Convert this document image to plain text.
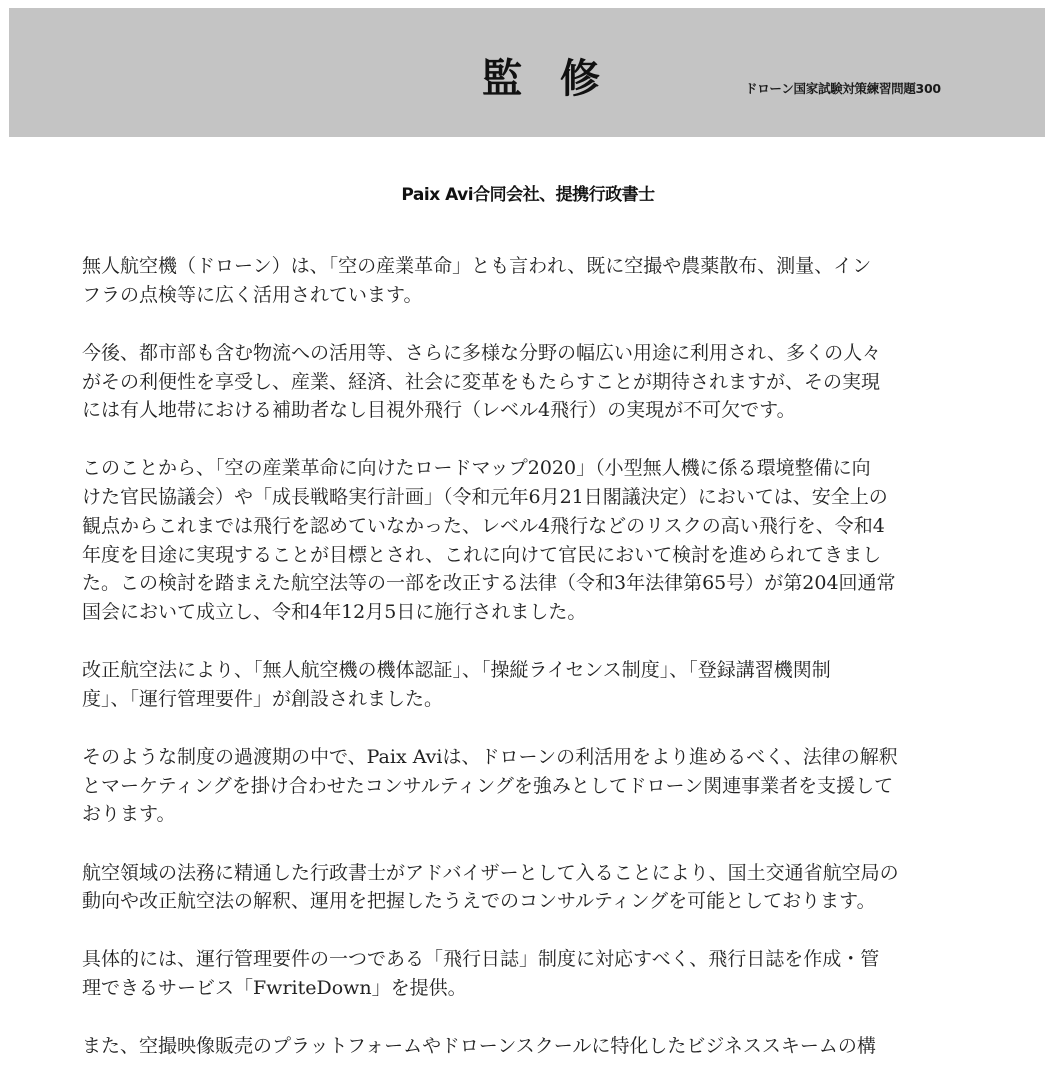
監 修	ドローン国家試験対策練習問題300
Paix Avi合同会社、提携行政書士
無人航空機（ドローン）は、「空の産業革命」とも言われ、既に空撮や農薬散布、測量、イン
フラの点検等に広く活用されています。
今後、都市部も含む物流への活用等、さらに多様な分野の幅広い用途に利用され、多くの人々
がその利便性を享受し、産業、経済、社会に変革をもたらすことが期待されますが、その実現
には有人地帯における補助者なし目視外飛行（レベル4飛行）の実現が不可欠です。
このことから、「空の産業革命に向けたロードマップ2020」（小型無人機に係る環境整備に向
けた官民協議会）や「成長戦略実行計画」（令和元年6月21日閣議決定）においては、安全上の
観点からこれまでは飛行を認めていなかった、レベル4飛行などのリスクの高い飛行を、令和4
年度を目途に実現することが目標とされ、これに向けて官民において検討を進められてきまし
た。この検討を踏まえた航空法等の一部を改正する法律（令和3年法律第65号）が第204回通常
国会において成立し、令和4年12月5日に施行されました。
改正航空法により、「無人航空機の機体認証」、「操縦ライセンス制度」、「登録講習機関制
度」、「運行管理要件」が創設されました。
そのような制度の過渡期の中で、Paix Aviは、ドローンの利活用をより進めるべく、法律の解釈
とマーケティングを掛け合わせたコンサルティングを強みとしてドローン関連事業者を支援して
おります。
航空領域の法務に精通した行政書士がアドバイザーとして入ることにより、国土交通省航空局の
動向や改正航空法の解釈、運用を把握したうえでのコンサルティングを可能としております。
具体的には、運行管理要件の一つである「飛行日誌」制度に対応すべく、飛行日誌を作成・管
理できるサービス「FwriteDown」を提供。
また、空撮映像販売のプラットフォームやドローンスクールに特化したビジネススキームの構
